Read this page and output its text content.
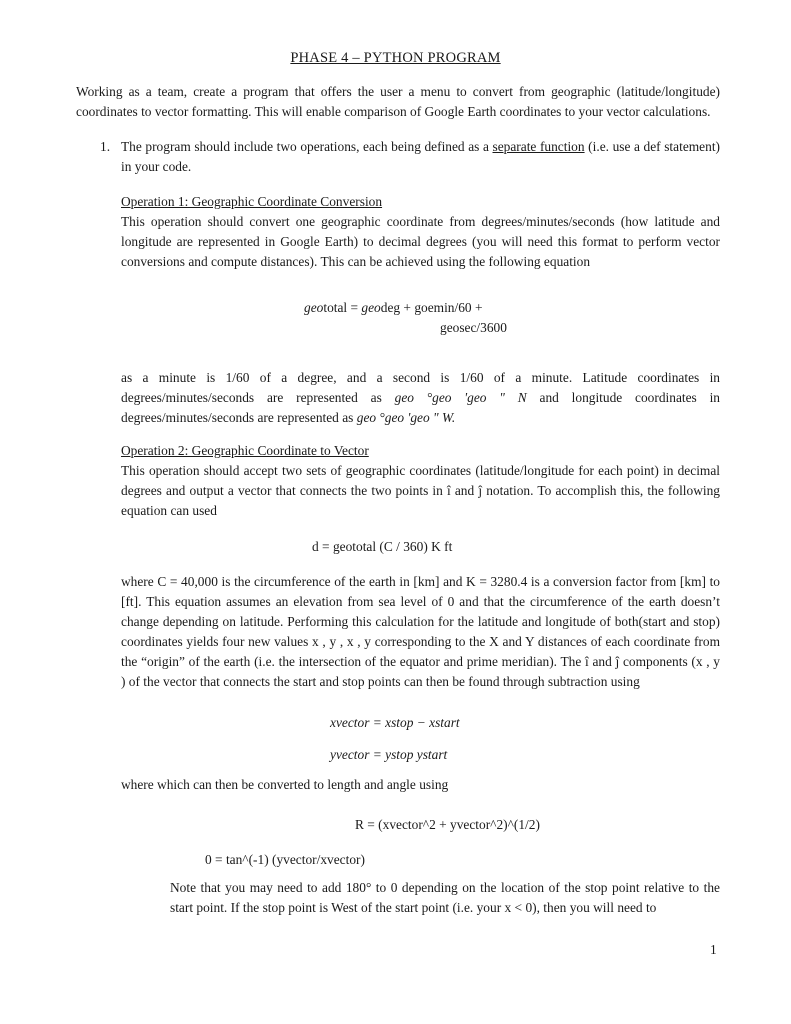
PHASE 4 – PYTHON PROGRAM
Working as a team, create a program that offers the user a menu to convert from geographic (latitude/longitude) coordinates to vector formatting. This will enable comparison of Google Earth coordinates to your vector calculations.
1. The program should include two operations, each being defined as a separate function (i.e. use a def statement) in your code.

Operation 1: Geographic Coordinate Conversion
This operation should convert one geographic coordinate from degrees/minutes/seconds (how latitude and longitude are represented in Google Earth) to decimal degrees (you will need this format to perform vector conversions and compute distances). This can be achieved using the following equation
geototal = geodeg + goemin/60 +
geosec/3600
as a minute is 1/60 of a degree, and a second is 1/60 of a minute. Latitude coordinates in degrees/minutes/seconds are represented as geo °geo 'geo " N and longitude coordinates in degrees/minutes/seconds are represented as geo °geo 'geo " W.
Operation 2: Geographic Coordinate to Vector
This operation should accept two sets of geographic coordinates (latitude/longitude for each point) in decimal degrees and output a vector that connects the two points in î and ĵ notation. To accomplish this, the following equation can used
d = geototal (C / 360) K ft
where C = 40,000 is the circumference of the earth in [km] and K = 3280.4 is a conversion factor from [km] to [ft]. This equation assumes an elevation from sea level of 0 and that the circumference of the earth doesn’t change depending on latitude. Performing this calculation for the latitude and longitude of both(start and stop) coordinates yields four new values x , y , x , y corresponding to the X and Y distances of each coordinate from the “origin” of the earth (i.e. the intersection of the equator and prime meridian). The î and ĵ components (x , y ) of the vector that connects the start and stop points can then be found through subtraction using
xvector = xstop − xstart
yvector = ystop ystart
where which can then be converted to length and angle using
R = (xvector^2 + yvector^2)^(1/2)
0 = tan^(-1) (yvector/xvector)
Note that you may need to add 180° to 0 depending on the location of the stop point relative to the start point. If the stop point is West of the start point (i.e. your x < 0), then you will need to
1
